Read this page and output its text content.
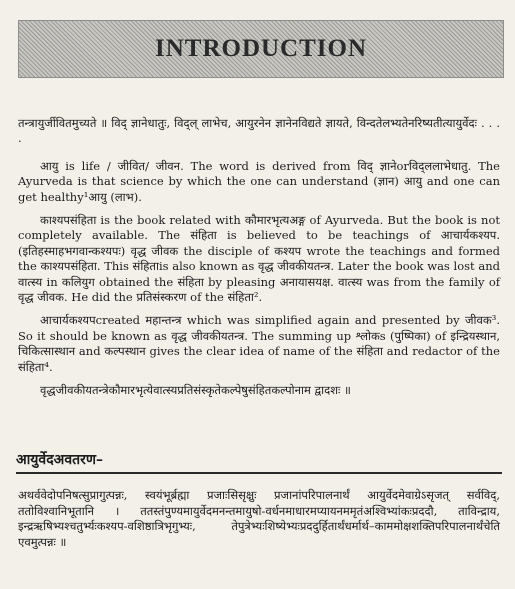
INTRODUCTION
तन्त्रायुर्जीवितमुच्यते ॥ विद् ज्ञानेधातुः, विद्ल् लाभेच, आयुरनेन ज्ञानेनविद्यते ज्ञायते, विन्दतेलभ्यतेनरिष्यतीत्यायुर्वेदः . . . .
आयु is life / जीवित/ जीवन. The word is derived from विद् ज्ञानेorविद्ललाभेधातु. The Ayurveda is that science by which the one can understand (ज्ञान) आयु and one can get healthy¹आयु (लाभ).
काश्यपसंहिता is the book related with कौमारभृत्यअङ्ग of Ayurveda. But the book is not completely available. The संहिता is believed to be teachings of आचार्यकश्यप. (इतिहस्माहभगवान्कश्यपः) वृद्ध जीवक the disciple of कश्यप wrote the teachings and formed the काश्यपसंहिता. This संहिताis also known as वृद्ध जीवकीयतन्त्र. Later the book was lost and वात्स्य in कलियुग obtained the संहिता by pleasing अनायासयक्ष. वात्स्य was from the family of वृद्ध जीवक. He did the प्रतिसंस्करण of the संहिता².
आचार्यकश्यपcreated महान्तन्त्र which was simplified again and presented by जीवक³. So it should be known as वृद्ध जीवकीयतन्त्र. The summing up श्लोकs (पुष्पिका) of इन्द्रियस्थान, चिकित्सास्थान and कल्पस्थान gives the clear idea of name of the संहिता and redactor of the संहिता⁴.
वृद्धजीवकीयतन्त्रेकौमारभृत्येवात्स्यप्रतिसंस्कृतेकल्पेषुसंहितकल्पोनाम द्वादशः ॥
आयुर्वेदअवतरण–
अथर्ववेदोपनिषत्सुप्रागुत्पन्नः, स्वयंभूर्ब्रह्मा प्रजाःसिसृक्षुः प्रजानांपरिपालनार्थं आयुर्वेदमेवाग्रेऽसृजत् सर्वविद्, ततोविश्वानिभूतानि । ततस्तंपुण्यमायुर्वेदमनन्तमायुषो-वर्धनमाधारमप्यायनममृतंअश्विभ्यांकःप्रददौ, ताविन्द्राय, इन्द्रऋषिभ्यश्चतुर्भ्यःकश्यप-वशिष्ठात्रिभृगुभ्यः, तेपुत्रेभ्यःशिष्येभ्यःप्रददुर्हितार्थंधर्मार्थ–काममोक्षशक्तिपरिपालनार्थंचेति एवमुत्पन्नः ॥
